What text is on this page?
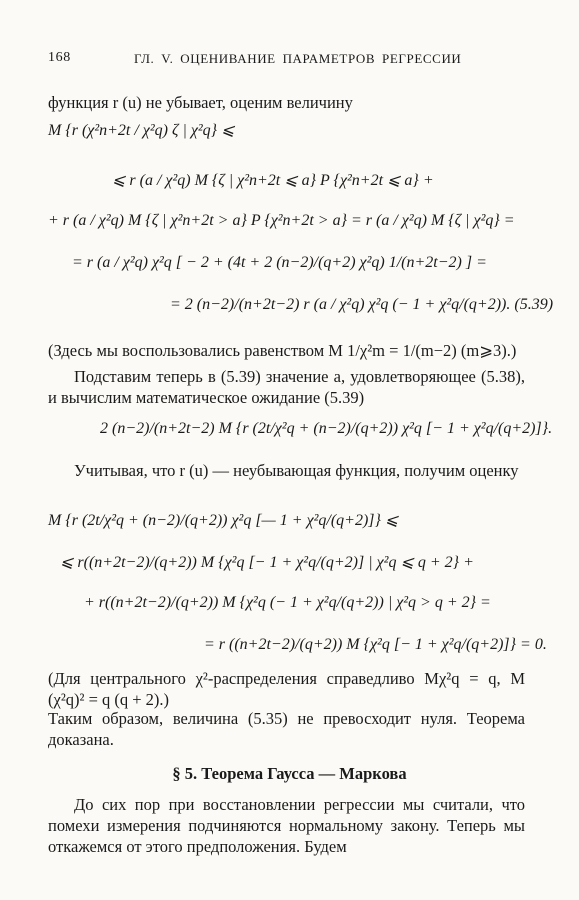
168	ГЛ. V. ОЦЕНИВАНИЕ ПАРАМЕТРОВ РЕГРЕССИИ
функция r (u) не убывает, оценим величину
M {r (χ²n+2t / χ²q) ζ | χ²q} ⩽
⩽ r (a / χ²q) M {ζ | χ²n+2t ⩽ a} P {χ²n+2t ⩽ a} +
+ r (a / χ²q) M {ζ | χ²n+2t > a} P {χ²n+2t > a} = r (a / χ²q) M {ζ | χ²q} =
= r (a / χ²q) χ²q [ − 2 + (4t + 2 (n−2)/(q+2) χ²q) 1/(n+2t−2) ] =
= 2 (n−2)/(n+2t−2) r (a / χ²q) χ²q (− 1 + χ²q/(q+2)). (5.39)
(Здесь мы воспользовались равенством M 1/χ²m = 1/(m−2) (m⩾3).)
Подставим теперь в (5.39) значение a, удовлетворяющее (5.38), и вычислим математическое ожидание (5.39)
2 (n−2)/(n+2t−2) M {r (2t/χ²q + (n−2)/(q+2)) χ²q [− 1 + χ²q/(q+2)]}.
Учитывая, что r (u) — неубывающая функция, получим оценку
M {r (2t/χ²q + (n−2)/(q+2)) χ²q [— 1 + χ²q/(q+2)]} ⩽
⩽ r((n+2t−2)/(q+2)) M {χ²q [− 1 + χ²q/(q+2)] | χ²q ⩽ q + 2} +
+ r((n+2t−2)/(q+2)) M {χ²q (− 1 + χ²q/(q+2)) | χ²q > q + 2} =
= r ((n+2t−2)/(q+2)) M {χ²q [− 1 + χ²q/(q+2)]} = 0.
(Для центрального χ²-распределения справедливо Mχ²q = q, M (χ²q)² = q (q + 2).)
Таким образом, величина (5.35) не превосходит нуля. Теорема доказана.
§ 5. Теорема Гаусса — Маркова
До сих пор при восстановлении регрессии мы считали, что помехи измерения подчиняются нормальному закону. Теперь мы откажемся от этого предположения. Будем
